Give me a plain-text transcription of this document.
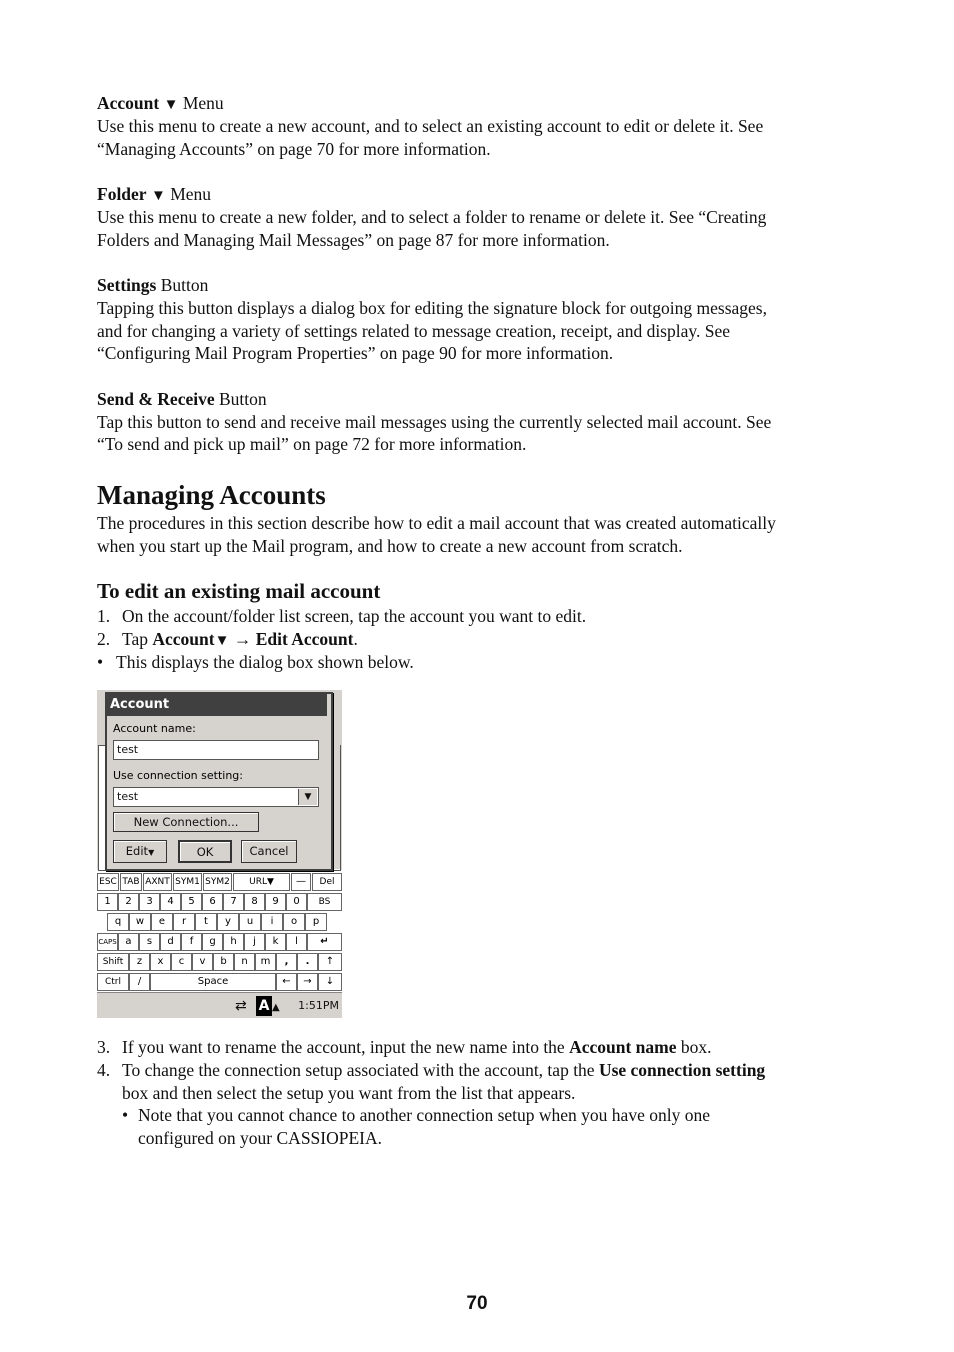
Account ▼ Menu
Use this menu to create a new account, and to select an existing account to edit or delete it. See
“Managing Accounts” on page 70 for more information.
Folder ▼ Menu
Use this menu to create a new folder, and to select a folder to rename or delete it. See “Creating
Folders and Managing Mail Messages” on page 87 for more information.
Settings Button
Tapping this button displays a dialog box for editing the signature block for outgoing messages,
and for changing a variety of settings related to message creation, receipt, and display. See
“Configuring Mail Program Properties” on page 90 for more information.
Send & Receive Button
Tap this button to send and receive mail messages using the currently selected mail account. See
“To send and pick up mail” on page 72 for more information.
Managing Accounts
The procedures in this section describe how to edit a mail account that was created automatically
when you start up the Mail program, and how to create a new account from scratch.
To edit an existing mail account
1. On the account/folder list screen, tap the account you want to edit.
2. Tap Account▼ → Edit Account.
• This displays the dialog box shown below.
Account
Account name:
test
Use connection setting:
test	▼
New Connection...
Edit▼	OK	Cancel
ESC TAB AXNT SYM1 SYM2	URL▼	—	Del
1	2	3	4	5	6	7	8	9	0	BS
q	w	e	r	t	y	u	i	o	p
CAPS a	s	d	f	g	h	j	k	l	↵
Shift	z	x	c	v	b	n	m	,	.	↑
Ctrl	/	Space	←	→	↓
⇄ A ▲	1:51PM
3. If you want to rename the account, input the new name into the Account name box.
4. To change the connection setup associated with the account, tap the Use connection setting
box and then select the setup you want from the list that appears.
• Note that you cannot chance to another connection setup when you have only one
configured on your CASSIOPEIA.
70
